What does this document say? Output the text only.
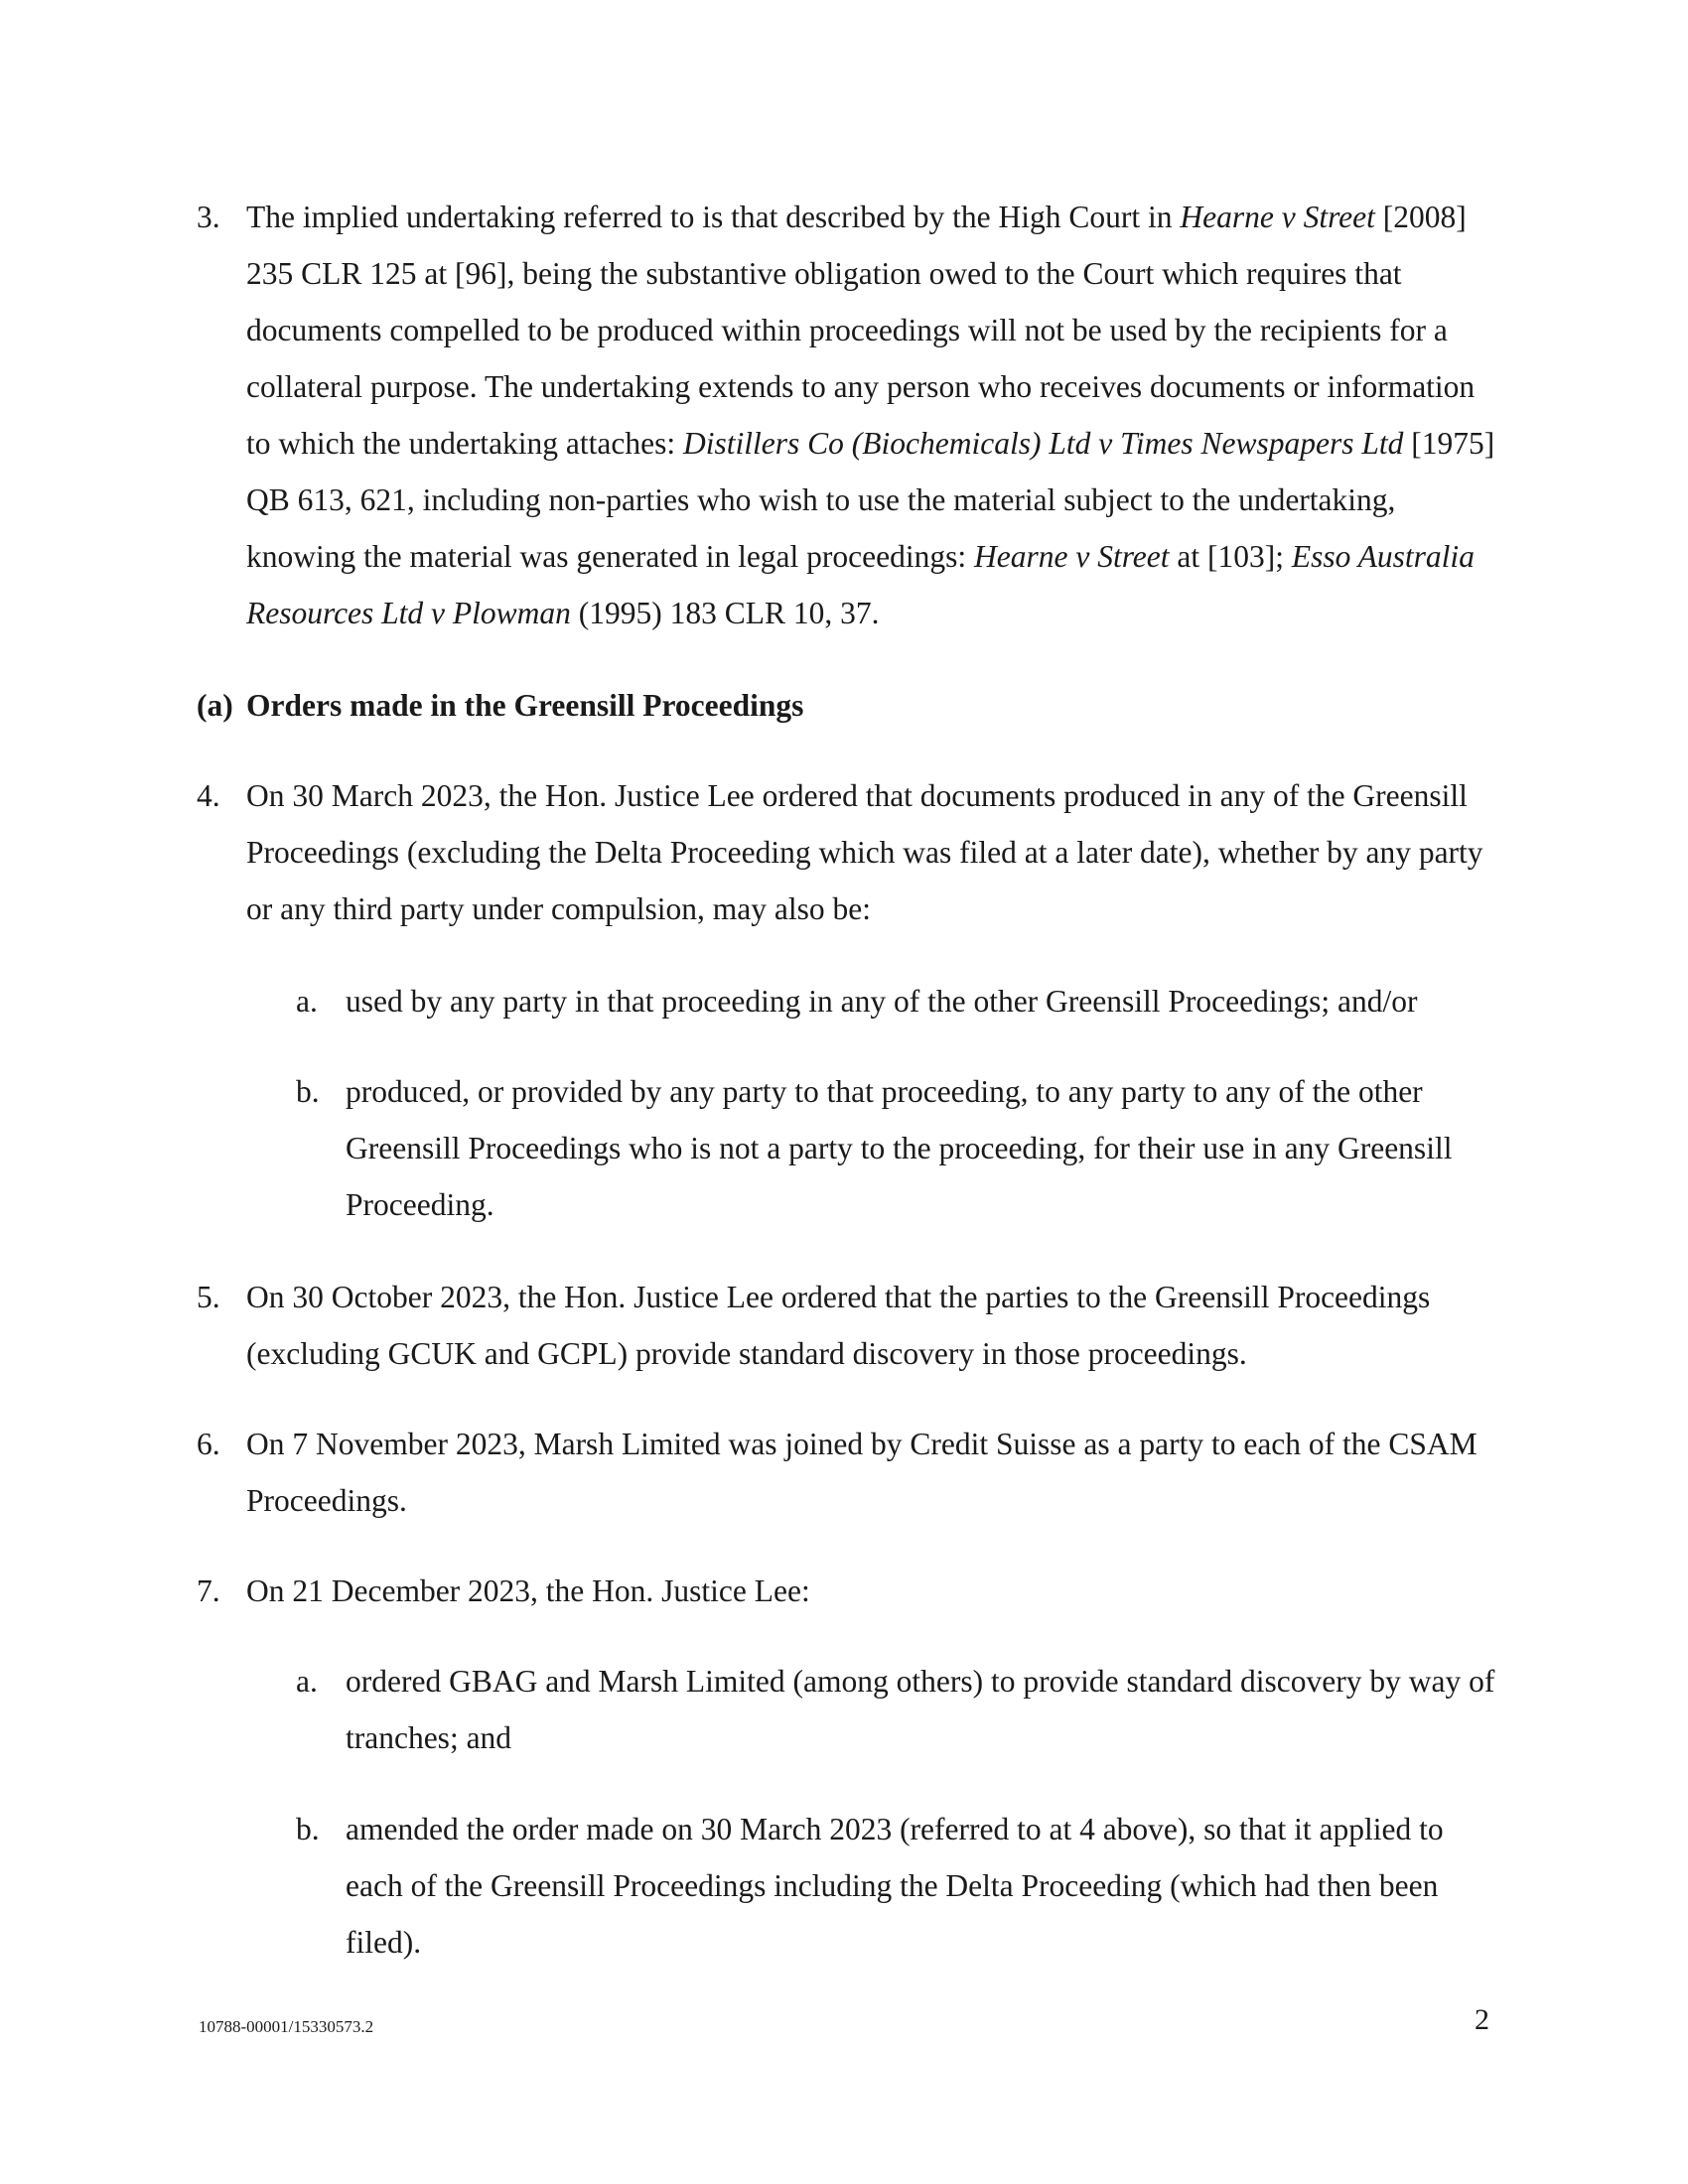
3. The implied undertaking referred to is that described by the High Court in Hearne v Street [2008] 235 CLR 125 at [96], being the substantive obligation owed to the Court which requires that documents compelled to be produced within proceedings will not be used by the recipients for a collateral purpose. The undertaking extends to any person who receives documents or information to which the undertaking attaches: Distillers Co (Biochemicals) Ltd v Times Newspapers Ltd [1975] QB 613, 621, including non-parties who wish to use the material subject to the undertaking, knowing the material was generated in legal proceedings: Hearne v Street at [103]; Esso Australia Resources Ltd v Plowman (1995) 183 CLR 10, 37.
(a) Orders made in the Greensill Proceedings
4. On 30 March 2023, the Hon. Justice Lee ordered that documents produced in any of the Greensill Proceedings (excluding the Delta Proceeding which was filed at a later date), whether by any party or any third party under compulsion, may also be:
a. used by any party in that proceeding in any of the other Greensill Proceedings; and/or
b. produced, or provided by any party to that proceeding, to any party to any of the other Greensill Proceedings who is not a party to the proceeding, for their use in any Greensill Proceeding.
5. On 30 October 2023, the Hon. Justice Lee ordered that the parties to the Greensill Proceedings (excluding GCUK and GCPL) provide standard discovery in those proceedings.
6. On 7 November 2023, Marsh Limited was joined by Credit Suisse as a party to each of the CSAM Proceedings.
7. On 21 December 2023, the Hon. Justice Lee:
a. ordered GBAG and Marsh Limited (among others) to provide standard discovery by way of tranches; and
b. amended the order made on 30 March 2023 (referred to at 4 above), so that it applied to each of the Greensill Proceedings including the Delta Proceeding (which had then been filed).
10788-00001/15330573.2	2
